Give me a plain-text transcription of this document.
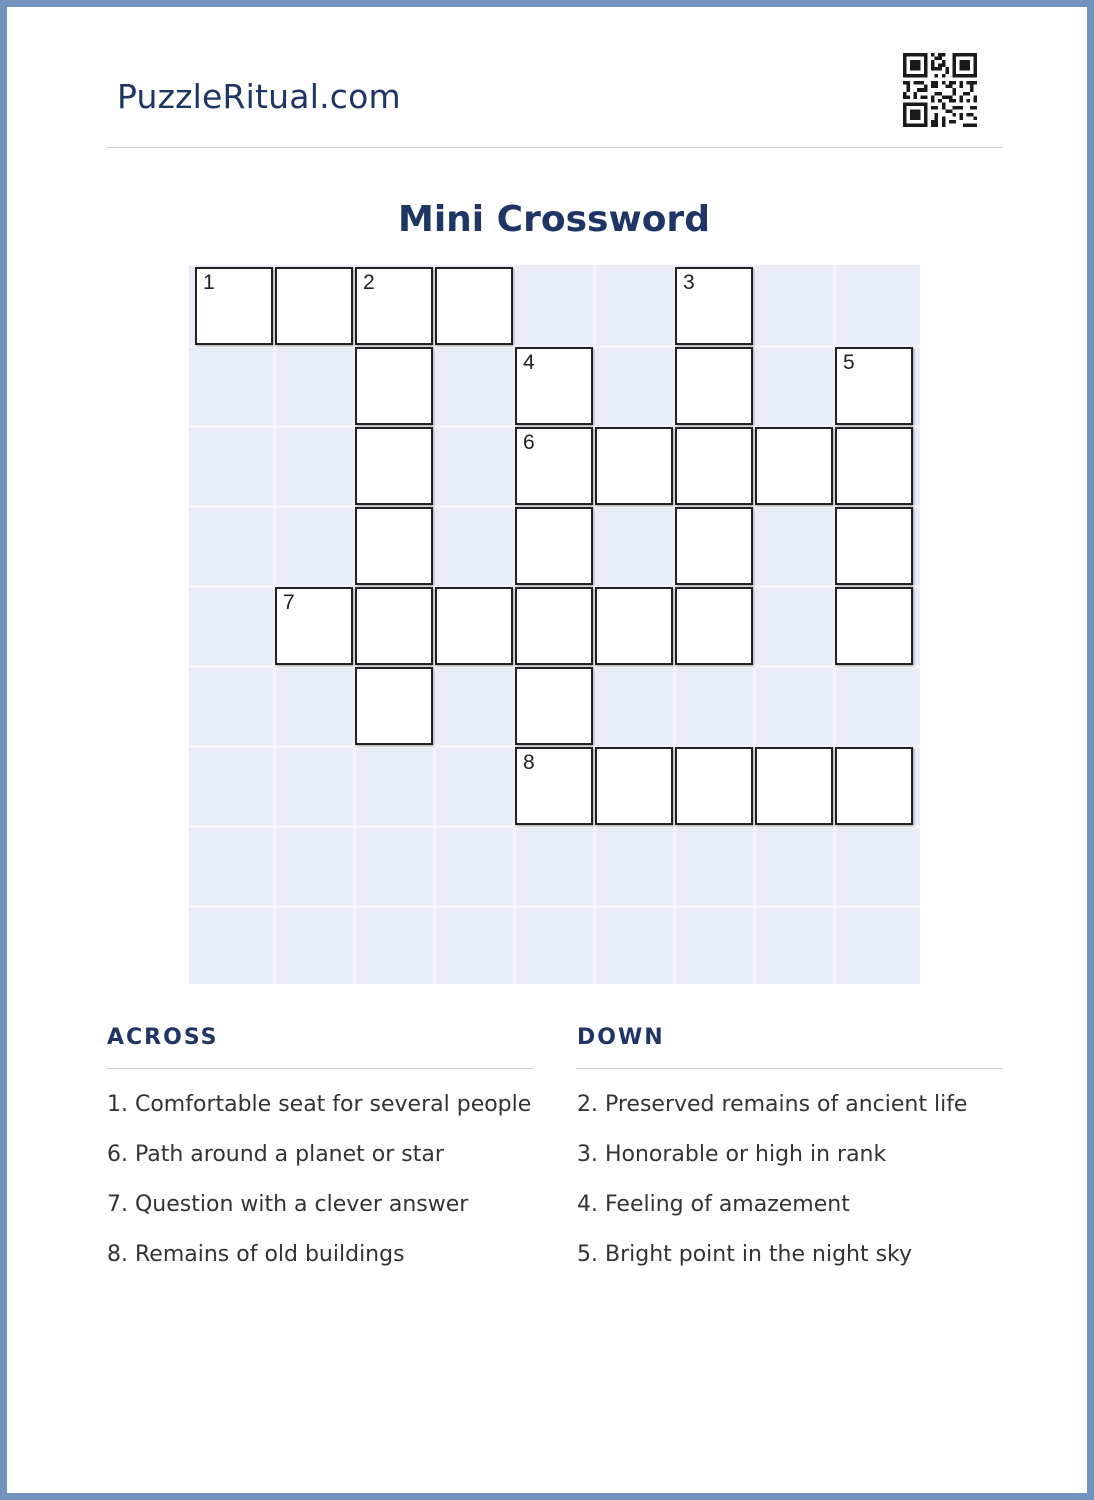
PuzzleRitual.com
Mini Crossword
1	2	3
4	5
6
7
8
ACROSS
1. Comfortable seat for several people
6. Path around a planet or star
7. Question with a clever answer
8. Remains of old buildings
DOWN
2. Preserved remains of ancient life
3. Honorable or high in rank
4. Feeling of amazement
5. Bright point in the night sky
